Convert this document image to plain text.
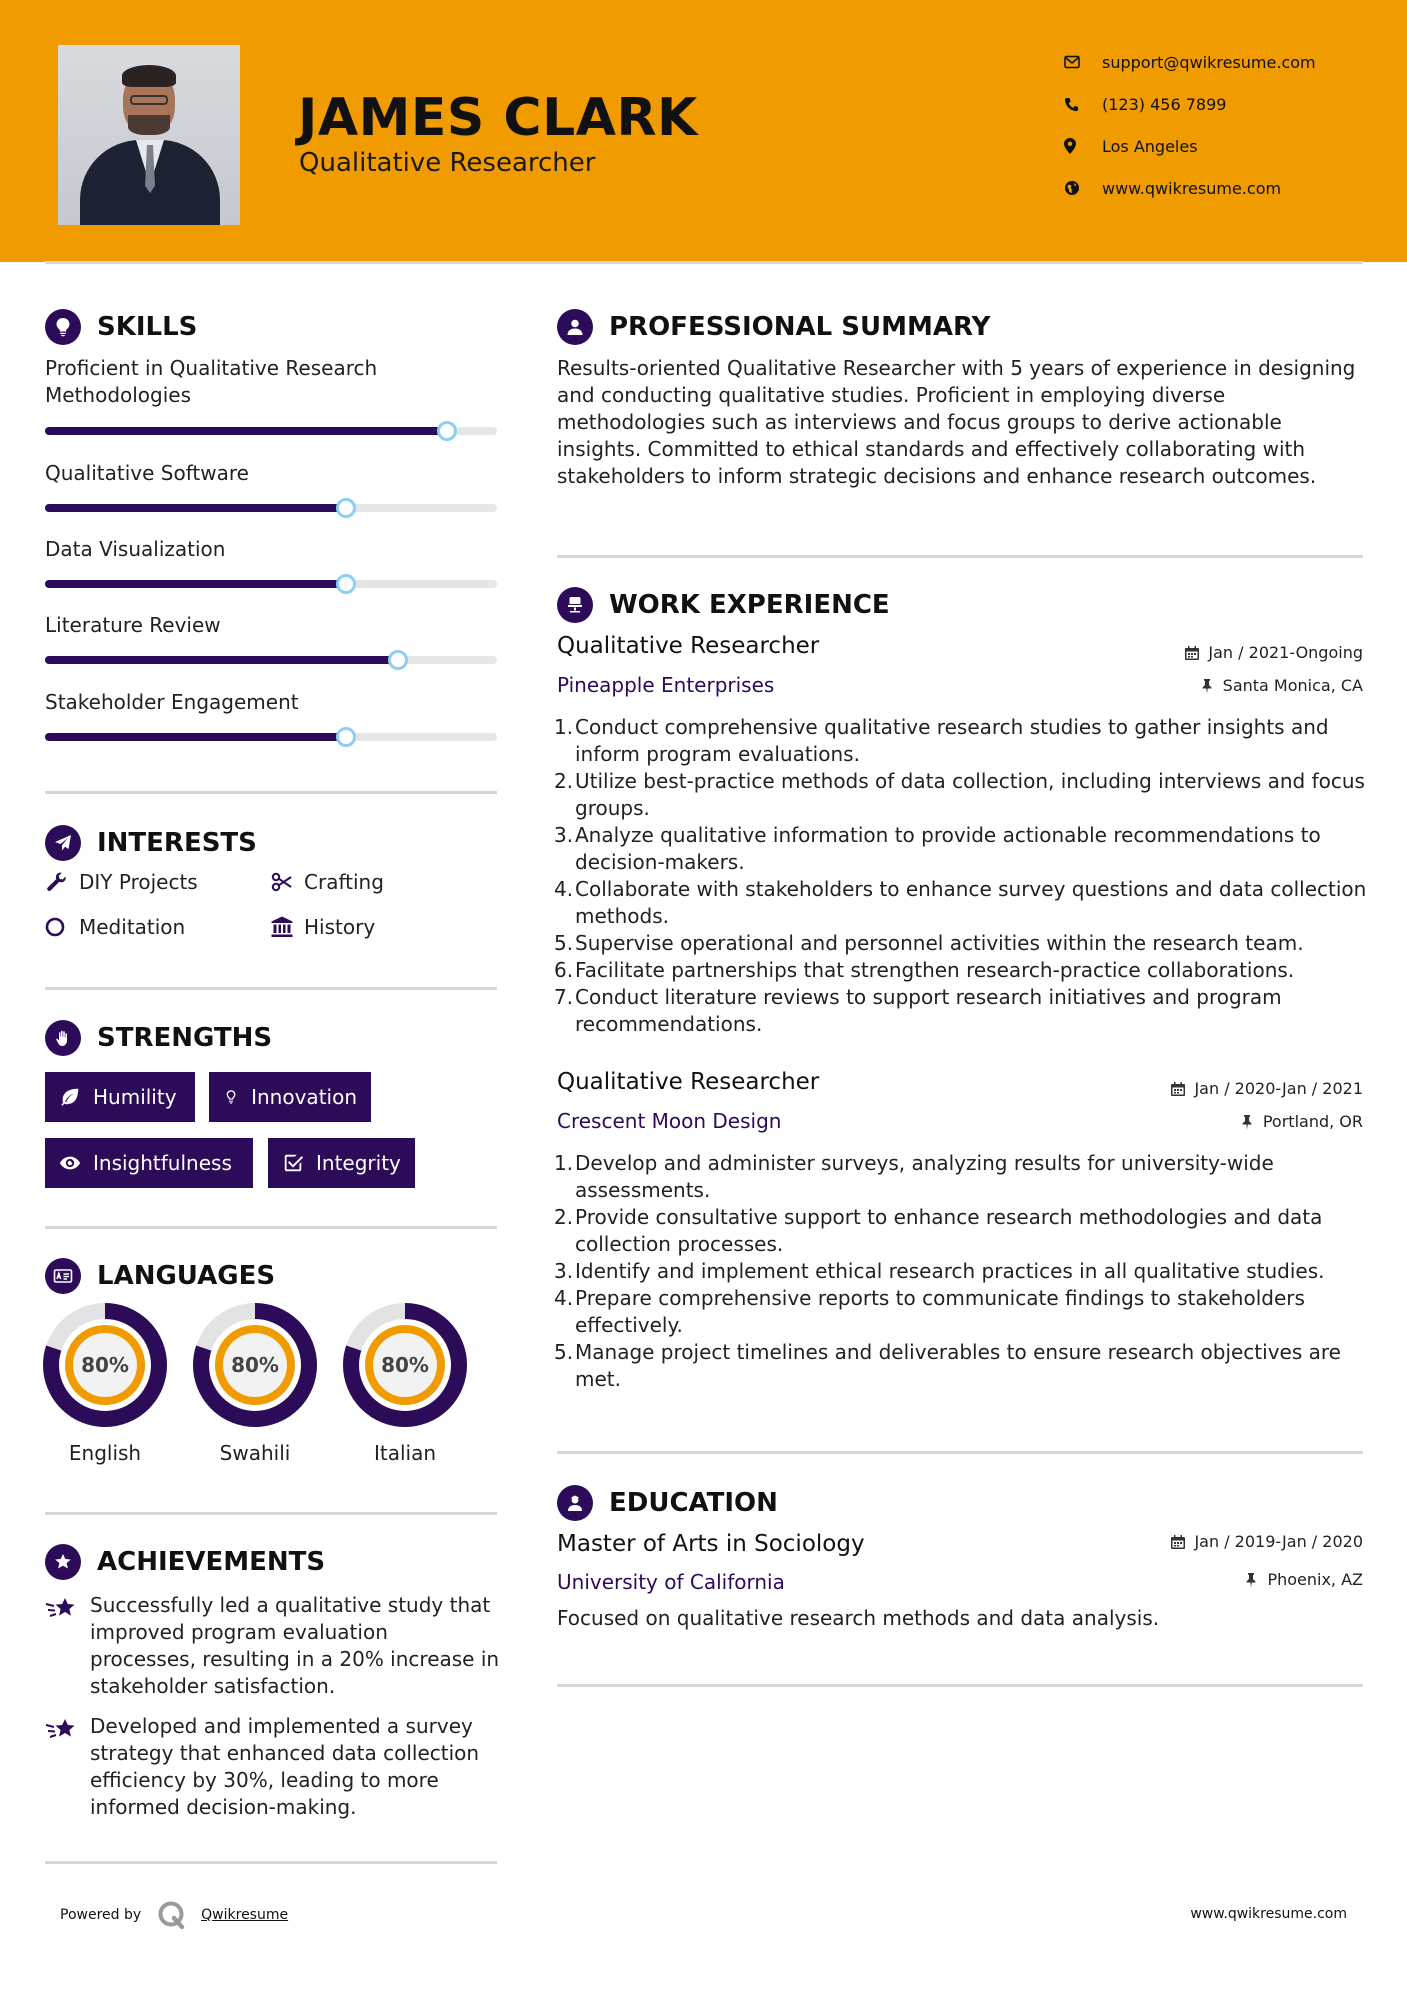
JAMES CLARK
Qualitative Researcher
support@qwikresume.com
(123) 456 7899
Los Angeles
www.qwikresume.com
SKILLS
Proficient in Qualitative Research Methodologies
Qualitative Software
Data Visualization
Literature Review
Stakeholder Engagement
INTERESTS
DIY Projects	Crafting
Meditation	History
STRENGTHS
Humility	Innovation
Insightfulness	Integrity
LANGUAGES
80%
English
80%
Swahili
80%
Italian
ACHIEVEMENTS
Successfully led a qualitative study that improved program evaluation processes, resulting in a 20% increase in stakeholder satisfaction.
Developed and implemented a survey strategy that enhanced data collection efficiency by 30%, leading to more informed decision-making.
PROFESSIONAL SUMMARY
Results-oriented Qualitative Researcher with 5 years of experience in designing and conducting qualitative studies. Proficient in employing diverse methodologies such as interviews and focus groups to derive actionable insights. Committed to ethical standards and effectively collaborating with stakeholders to inform strategic decisions and enhance research outcomes.
WORK EXPERIENCE
Qualitative Researcher	Jan / 2021-Ongoing
Pineapple Enterprises	Santa Monica, CA
Conduct comprehensive qualitative research studies to gather insights and inform program evaluations.
Utilize best-practice methods of data collection, including interviews and focus groups.
Analyze qualitative information to provide actionable recommendations to decision-makers.
Collaborate with stakeholders to enhance survey questions and data collection methods.
Supervise operational and personnel activities within the research team.
Facilitate partnerships that strengthen research-practice collaborations.
Conduct literature reviews to support research initiatives and program recommendations.
Qualitative Researcher	Jan / 2020-Jan / 2021
Crescent Moon Design	Portland, OR
Develop and administer surveys, analyzing results for university-wide assessments.
Provide consultative support to enhance research methodologies and data collection processes.
Identify and implement ethical research practices in all qualitative studies.
Prepare comprehensive reports to communicate findings to stakeholders effectively.
Manage project timelines and deliverables to ensure research objectives are met.
EDUCATION
Master of Arts in Sociology	Jan / 2019-Jan / 2020
University of California	Phoenix, AZ
Focused on qualitative research methods and data analysis.
Powered by	Qwikresume	www.qwikresume.com
